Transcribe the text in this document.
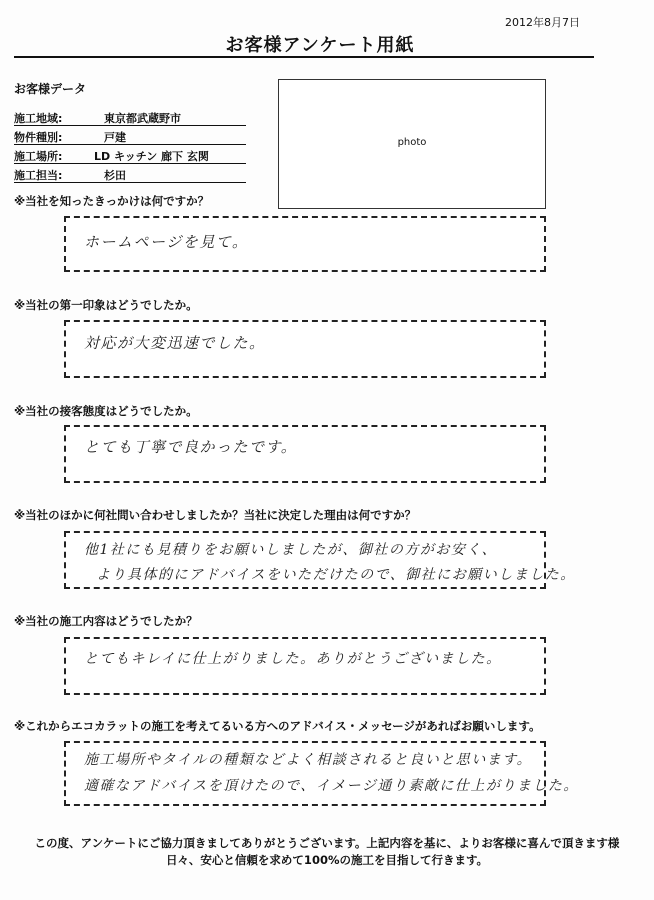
2012年8月7日
お客様アンケート用紙
お客様データ
施工地域:	東京都武蔵野市
物件種別:	戸建
施工場所:	LD キッチン 廊下 玄関
施工担当:	杉田
photo
※当社を知ったきっかけは何ですか？
ホームページを見て。
※当社の第一印象はどうでしたか。
対応が大変迅速でした。
※当社の接客態度はどうでしたか。
とても丁寧で良かったです。
※当社のほかに何社問い合わせしましたか？当社に決定した理由は何ですか？
他1社にも見積りをお願いしましたが、御社の方がお安く、
より具体的にアドバイスをいただけたので、御社にお願いしました。
※当社の施工内容はどうでしたか？
とてもキレイに仕上がりました。ありがとうございました。
※これからエコカラットの施工を考えてるいる方へのアドバイス・メッセージがあればお願いします。
施工場所やタイルの種類などよく相談されると良いと思います。
適確なアドバイスを頂けたので、イメージ通り素敵に仕上がりました。
この度、アンケートにご協力頂きましてありがとうございます。上記内容を基に、よりお客様に喜んで頂きます様
日々、安心と信頼を求めて100%の施工を目指して行きます。
